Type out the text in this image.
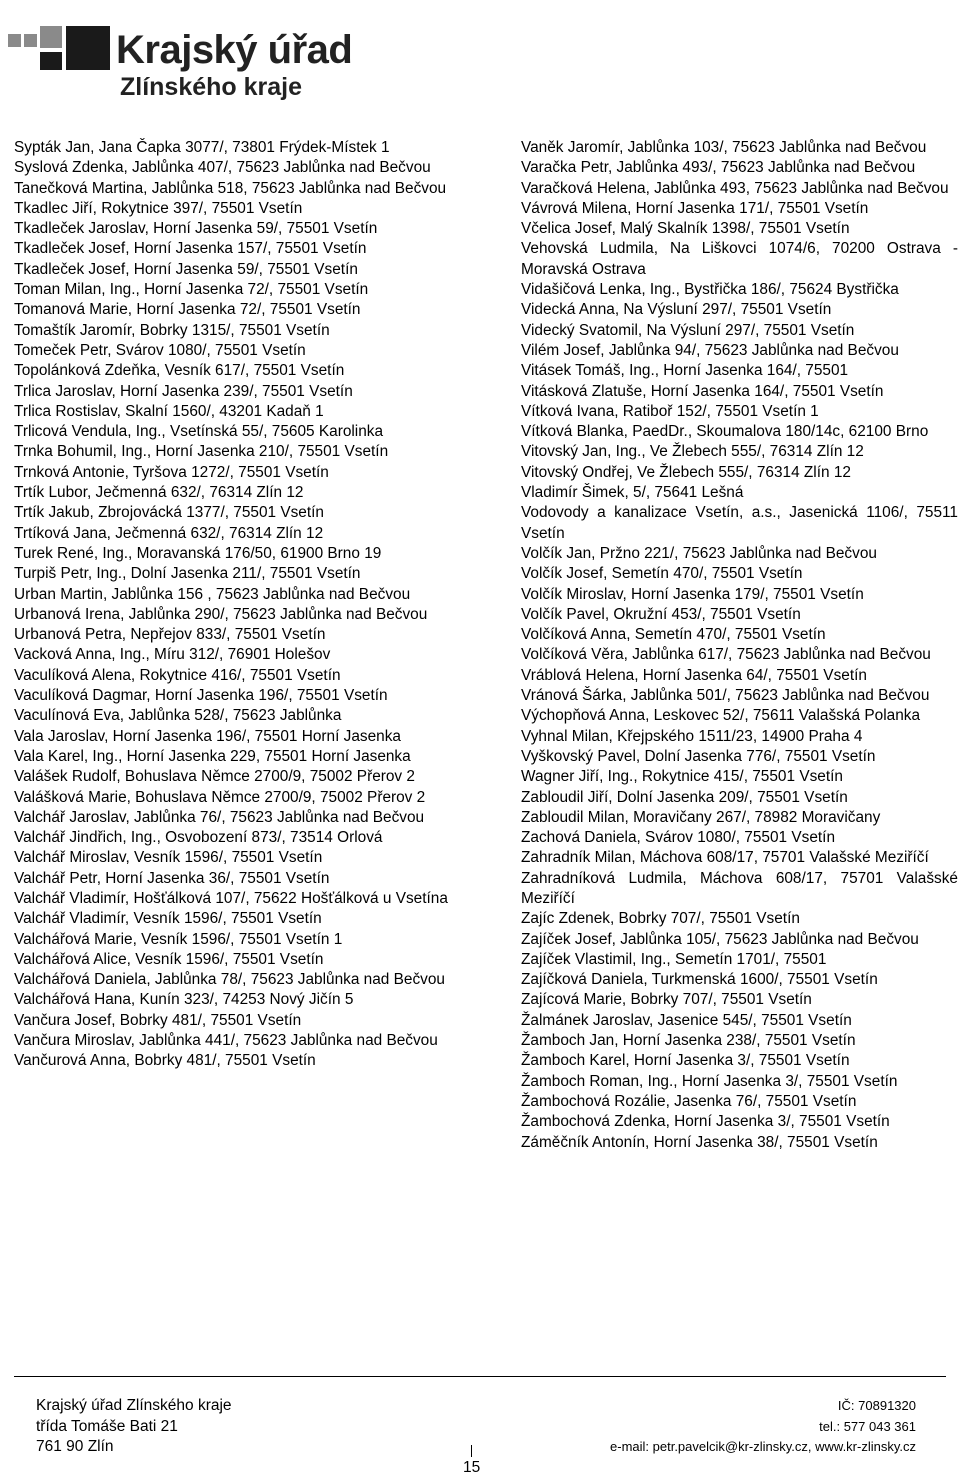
Krajský úřad
Zlínského kraje

Sypták Jan, Jana Čapka 3077/, 73801 Frýdek-Místek 1

Syslová Zdenka, Jablůnka 407/, 75623 Jablůnka nad Bečvou

Tanečková Martina, Jablůnka 518, 75623 Jablůnka nad Bečvou

Tkadlec Jiří, Rokytnice 397/, 75501 Vsetín

Tkadleček Jaroslav, Horní Jasenka 59/, 75501 Vsetín

Tkadleček Josef, Horní Jasenka 157/, 75501 Vsetín

Tkadleček Josef, Horní Jasenka 59/, 75501 Vsetín

Toman Milan, Ing., Horní Jasenka 72/, 75501 Vsetín

Tomanová Marie, Horní Jasenka 72/, 75501 Vsetín

Tomaštík Jaromír, Bobrky 1315/, 75501 Vsetín

Tomeček Petr, Svárov 1080/, 75501 Vsetín

Topolánková Zdeňka, Vesník 617/, 75501 Vsetín

Trlica Jaroslav, Horní Jasenka 239/, 75501 Vsetín

Trlica Rostislav, Skalní 1560/, 43201 Kadaň 1

Trlicová Vendula, Ing., Vsetínská 55/, 75605 Karolinka

Trnka Bohumil, Ing., Horní Jasenka 210/, 75501 Vsetín

Trnková Antonie, Tyršova 1272/, 75501 Vsetín

Trtík Lubor, Ječmenná 632/, 76314 Zlín 12

Trtík Jakub, Zbrojovácká 1377/, 75501 Vsetín

Trtíková Jana, Ječmenná 632/, 76314 Zlín 12

Turek René, Ing., Moravanská 176/50, 61900 Brno 19

Turpiš Petr, Ing., Dolní Jasenka 211/, 75501 Vsetín

Urban Martin, Jablůnka 156 , 75623 Jablůnka nad Bečvou

Urbanová Irena, Jablůnka 290/, 75623 Jablůnka nad Bečvou

Urbanová Petra, Nepřejov 833/, 75501 Vsetín

Vacková Anna, Ing., Míru 312/, 76901 Holešov

Vaculíková Alena, Rokytnice 416/, 75501 Vsetín

Vaculíková Dagmar, Horní Jasenka 196/, 75501 Vsetín

Vaculínová Eva, Jablůnka 528/, 75623 Jablůnka

Vala Jaroslav, Horní Jasenka 196/, 75501 Horní Jasenka

Vala Karel, Ing., Horní Jasenka 229, 75501 Horní Jasenka

Valášek Rudolf, Bohuslava Němce 2700/9, 75002 Přerov 2

Valášková Marie, Bohuslava Němce 2700/9, 75002 Přerov 2

Valchář Jaroslav, Jablůnka 76/, 75623 Jablůnka nad Bečvou

Valchář Jindřich, Ing., Osvobození 873/, 73514 Orlová

Valchář Miroslav, Vesník 1596/, 75501 Vsetín

Valchář Petr, Horní Jasenka 36/, 75501 Vsetín

Valchář Vladimír, Hošťálková 107/, 75622 Hošťálková u Vsetína

Valchář Vladimír, Vesník 1596/, 75501 Vsetín

Valchářová Marie, Vesník 1596/, 75501 Vsetín 1

Valchářová Alice, Vesník 1596/, 75501 Vsetín

Valchářová Daniela, Jablůnka 78/, 75623 Jablůnka nad Bečvou

Valchářová Hana, Kunín 323/, 74253 Nový Jičín 5

Vančura Josef, Bobrky 481/, 75501 Vsetín

Vančura Miroslav, Jablůnka 441/, 75623 Jablůnka nad Bečvou

Vančurová Anna, Bobrky 481/, 75501 Vsetín

Vaněk Jaromír, Jablůnka 103/, 75623 Jablůnka nad Bečvou

Varačka Petr, Jablůnka 493/, 75623 Jablůnka nad Bečvou

Varačková Helena, Jablůnka 493, 75623 Jablůnka nad Bečvou

Vávrová Milena, Horní Jasenka 171/, 75501 Vsetín

Včelica Josef, Malý Skalník 1398/, 75501 Vsetín

Vehovská Ludmila, Na Liškovci 1074/6, 70200 Ostrava - Moravská Ostrava

Vidašičová Lenka, Ing., Bystřička 186/, 75624 Bystřička

Videcká Anna, Na Výsluní 297/, 75501 Vsetín

Videcký Svatomil, Na Výsluní 297/, 75501 Vsetín

Vilém Josef, Jablůnka 94/, 75623 Jablůnka nad Bečvou

Vitásek Tomáš, Ing., Horní Jasenka 164/, 75501

Vitásková Zlatuše, Horní Jasenka 164/, 75501 Vsetín

Vítková Ivana, Ratiboř 152/, 75501 Vsetín 1

Vítková Blanka, PaedDr., Skoumalova 180/14c, 62100 Brno

Vitovský Jan, Ing., Ve Žlebech 555/, 76314 Zlín 12

Vitovský Ondřej, Ve Žlebech 555/, 76314 Zlín 12

Vladimír Šimek, 5/, 75641 Lešná

Vodovody a kanalizace Vsetín, a.s., Jasenická 1106/, 75511 Vsetín

Volčík Jan, Pržno 221/, 75623 Jablůnka nad Bečvou

Volčík Josef, Semetín 470/, 75501 Vsetín

Volčík Miroslav, Horní Jasenka 179/, 75501 Vsetín

Volčík Pavel, Okružní 453/, 75501 Vsetín

Volčíková Anna, Semetín 470/, 75501 Vsetín

Volčíková Věra, Jablůnka 617/, 75623 Jablůnka nad Bečvou

Vráblová Helena, Horní Jasenka 64/, 75501 Vsetín

Vránová Šárka, Jablůnka 501/, 75623 Jablůnka nad Bečvou

Výchopňová Anna, Leskovec 52/, 75611 Valašská Polanka

Vyhnal Milan, Křejpského 1511/23, 14900 Praha 4

Vyškovský Pavel, Dolní Jasenka 776/, 75501 Vsetín

Wagner Jiří, Ing., Rokytnice 415/, 75501 Vsetín

Zabloudil Jiří, Dolní Jasenka 209/, 75501 Vsetín

Zabloudil Milan, Moravičany 267/, 78982 Moravičany

Zachová Daniela, Svárov 1080/, 75501 Vsetín

Zahradník Milan, Máchova 608/17, 75701 Valašské Meziříčí

Zahradníková Ludmila, Máchova 608/17, 75701 Valašské Meziříčí

Zajíc Zdenek, Bobrky 707/, 75501 Vsetín

Zajíček Josef, Jablůnka 105/, 75623 Jablůnka nad Bečvou

Zajíček Vlastimil, Ing., Semetín 1701/, 75501

Zajíčková Daniela, Turkmenská 1600/, 75501 Vsetín

Zajícová Marie, Bobrky 707/, 75501 Vsetín

Žalmánek Jaroslav, Jasenice 545/, 75501 Vsetín

Žamboch Jan, Horní Jasenka 238/, 75501 Vsetín

Žamboch Karel, Horní Jasenka 3/, 75501 Vsetín

Žamboch Roman, Ing., Horní Jasenka 3/, 75501 Vsetín

Žambochová Rozálie, Jasenka 76/, 75501 Vsetín

Žambochová Zdenka, Horní Jasenka 3/, 75501 Vsetín

Záměčník Antonín, Horní Jasenka 38/, 75501 Vsetín

Krajský úřad Zlínského kraje
třída Tomáše Bati 21
761 90 Zlín
IČ: 70891320
tel.: 577 043 361
e-mail: petr.pavelcik@kr-zlinsky.cz, www.kr-zlinsky.cz
15
